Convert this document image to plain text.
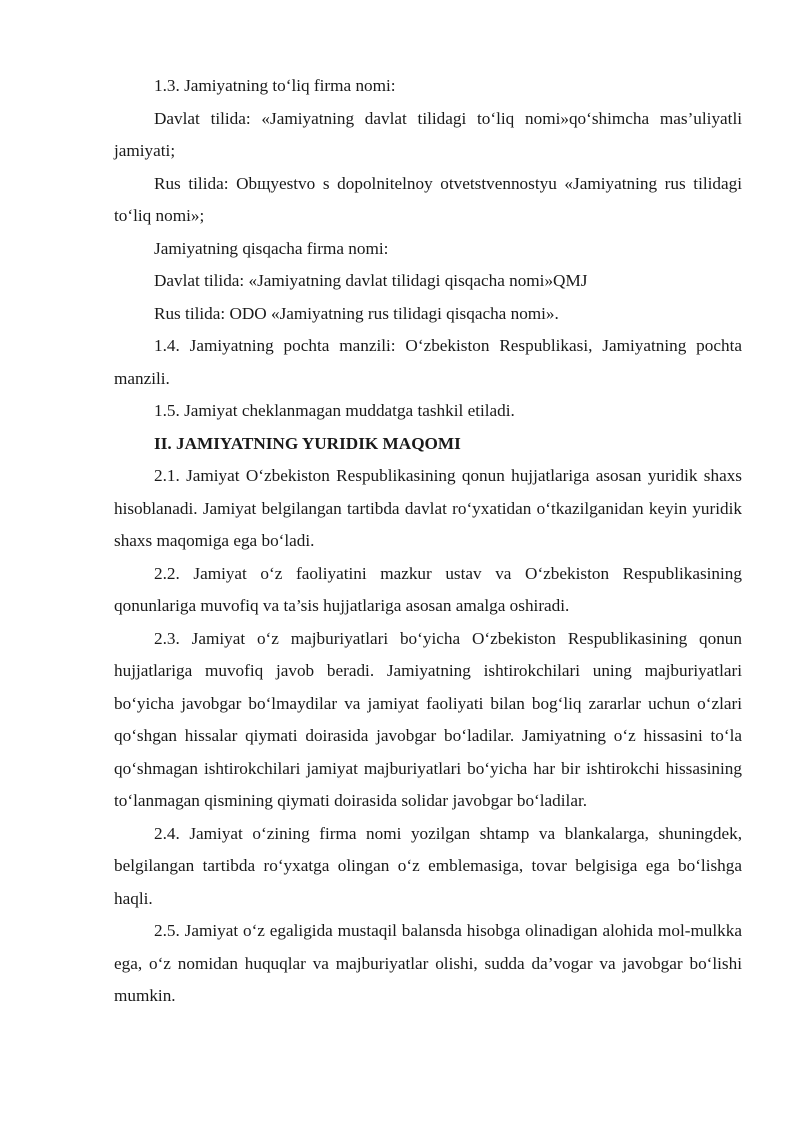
1.3. Jamiyatning to‘liq firma nomi:

Davlat tilida: «Jamiyatning davlat tilidagi to‘liq nomi»qo‘shimcha mas’uliyatli jamiyati;

Rus tilida: Obщyestvo s dopolnitelnoy otvetstvennostyu «Jamiyatning rus tilidagi to‘liq nomi»;

Jamiyatning qisqacha firma nomi:

Davlat tilida: «Jamiyatning davlat tilidagi qisqacha nomi»QMJ

Rus tilida: ODO «Jamiyatning rus tilidagi qisqacha nomi».

1.4. Jamiyatning pochta manzili: O‘zbekiston Respublikasi, Jamiyatning pochta manzili.

1.5. Jamiyat cheklanmagan muddatga tashkil etiladi.

II. JAMIYATNING YURIDIK MAQOMI

2.1. Jamiyat O‘zbekiston Respublikasining qonun hujjatlariga asosan yuridik shaxs hisoblanadi. Jamiyat belgilangan tartibda davlat ro‘yxatidan o‘tkazilganidan keyin yuridik shaxs maqomiga ega bo‘ladi.

2.2. Jamiyat o‘z faoliyatini mazkur ustav va O‘zbekiston Respublikasining qonunlariga muvofiq va ta’sis hujjatlariga asosan amalga oshiradi.

2.3. Jamiyat o‘z majburiyatlari bo‘yicha O‘zbekiston Respublikasining qonun hujjatlariga muvofiq javob beradi. Jamiyatning ishtirokchilari uning majburiyatlari bo‘yicha javobgar bo‘lmaydilar va jamiyat faoliyati bilan bog‘liq zararlar uchun o‘zlari qo‘shgan hissalar qiymati doirasida javobgar bo‘ladilar. Jamiyatning o‘z hissasini to‘la qo‘shmagan ishtirokchilari jamiyat majburiyatlari bo‘yicha har bir ishtirokchi hissasining to‘lanmagan qismining qiymati doirasida solidar javobgar bo‘ladilar.

2.4. Jamiyat o‘zining firma nomi yozilgan shtamp va blankalarga, shuningdek, belgilangan tartibda ro‘yxatga olingan o‘z emblemasiga, tovar belgisiga ega bo‘lishga haqli.

2.5. Jamiyat o‘z egaligida mustaqil balansda hisobga olinadigan alohida mol-mulkka ega, o‘z nomidan huquqlar va majburiyatlar olishi, sudda da’vogar va javobgar bo‘lishi mumkin.
